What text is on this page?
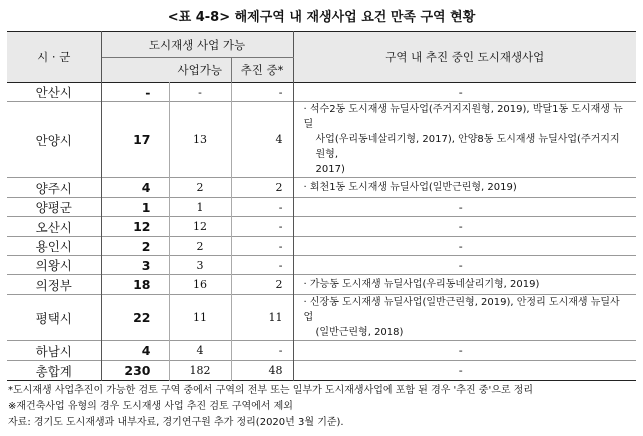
<표 4-8> 해제구역 내 재생사업 요건 만족 구역 현황
시 · 군	도시재생 사업 가능			구역 내 추진 중인 도시재생사업
		사업가능	추진 중*	
안산시	-	-	-	-

안양시	17	13	4	· 석수2동 도시재생 뉴딜사업(주거지지원형, 2019), 박달1동 도시재생 뉴딜
사업(우리동네살리기형, 2017), 안양8동 도시재생 뉴딜사업(주거지지원형,
2017)

양주시	4	2	2	· 회천1동 도시재생 뉴딜사업(일반근린형, 2019)

양평군	1	1	-	-

오산시	12	12	-	-

용인시	2	2	-	-

의왕시	3	3	-	-

의정부	18	16	2	· 가능동 도시재생 뉴딜사업(우리동네살리기형, 2019)

평택시	22	11	11	· 신장동 도시재생 뉴딜사업(일반근린형, 2019), 안정리 도시재생 뉴딜사업
(일반근린형, 2018)

하남시	4	4	-	-

총합계	230	182	48	-
*도시재생 사업추진이 가능한 검토 구역 중에서 구역의 전부 또는 일부가 도시재생사업에 포함 된 경우 '추진 중'으로 정리
※재건축사업 유형의 경우 도시재생 사업 추진 검토 구역에서 제외
자료: 경기도 도시재생과 내부자료, 경기연구원 추가 정리(2020년 3월 기준).
